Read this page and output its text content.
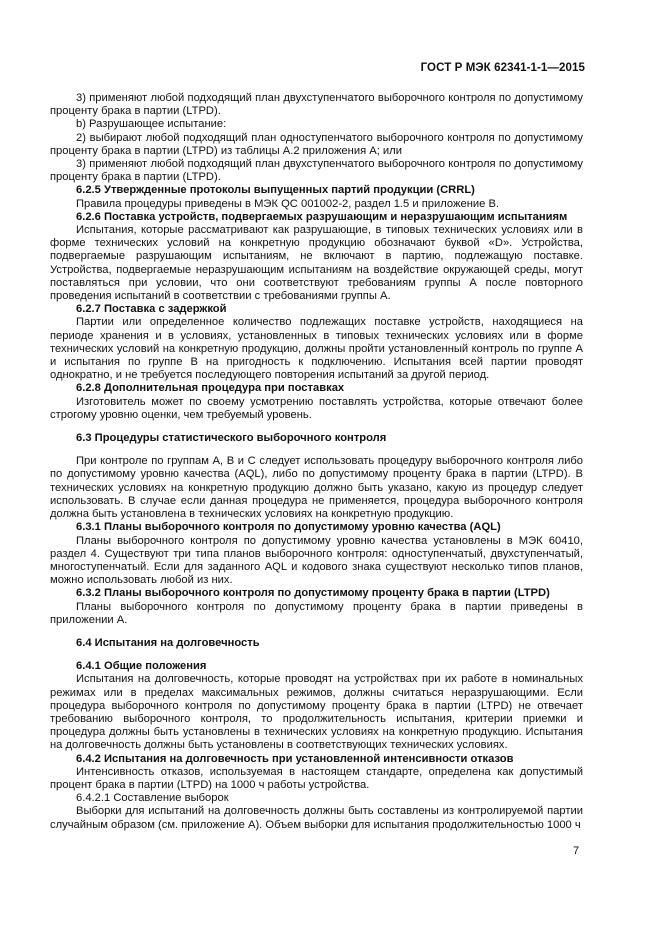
ГОСТ Р МЭК 62341-1-1—2015

3) применяют любой подходящий план двухступенчатого выборочного контроля по допустимому проценту брака в партии (LTPD).

b) Разрушающее испытание:

2) выбирают любой подходящий план одноступенчатого выборочного контроля по допустимому проценту брака в партии (LTPD) из таблицы А.2 приложения А; или

3) применяют любой подходящий план двухступенчатого выборочного контроля по допустимому проценту брака в партии (LTPD).

6.2.5 Утвержденные протоколы выпущенных партий продукции (CRRL)

Правила процедуры приведены в МЭК QC 001002-2, раздел 1.5 и приложение В.

6.2.6 Поставка устройств, подвергаемых разрушающим и неразрушающим испытаниям

Испытания, которые рассматривают как разрушающие, в типовых технических условиях или в форме технических условий на конкретную продукцию обозначают буквой «D». Устройства, подвергаемые разрушающим испытаниям, не включают в партию, подлежащую поставке. Устройства, подвергаемые неразрушающим испытаниям на воздействие окружающей среды, могут поставляться при условии, что они соответствуют требованиям группы А после повторного проведения испытаний в соответствии с требованиями группы А.

6.2.7 Поставка с задержкой

Партии или определенное количество подлежащих поставке устройств, находящиеся на периоде хранения и в условиях, установленных в типовых технических условиях или в форме технических условий на конкретную продукцию, должны пройти установленный контроль по группе А и испытания по группе В на пригодность к подключению. Испытания всей партии проводят однократно, и не требуется последующего повторения испытаний за другой период.

6.2.8 Дополнительная процедура при поставках

Изготовитель может по своему усмотрению поставлять устройства, которые отвечают более строгому уровню оценки, чем требуемый уровень.

6.3 Процедуры статистического выборочного контроля

При контроле по группам А, В и С следует использовать процедуру выборочного контроля либо по допустимому уровню качества (AQL), либо по допустимому проценту брака в партии (LTPD). В технических условиях на конкретную продукцию должно быть указано, какую из процедур следует использовать. В случае если данная процедура не применяется, процедура выборочного контроля должна быть установлена в технических условиях на конкретную продукцию.

6.3.1 Планы выборочного контроля по допустимому уровню качества (AQL)

Планы выборочного контроля по допустимому уровню качества установлены в МЭК 60410, раздел 4. Существуют три типа планов выборочного контроля: одноступенчатый, двухступенчатый, многоступенчатый. Если для заданного AQL и кодового знака существуют несколько типов планов, можно использовать любой из них.

6.3.2 Планы выборочного контроля по допустимому проценту брака в партии (LTPD)

Планы выборочного контроля по допустимому проценту брака в партии приведены в приложении А.

6.4 Испытания на долговечность

6.4.1 Общие положения

Испытания на долговечность, которые проводят на устройствах при их работе в номинальных режимах или в пределах максимальных режимов, должны считаться неразрушающими. Если процедура выборочного контроля по допустимому проценту брака в партии (LTPD) не отвечает требованию выборочного контроля, то продолжительность испытания, критерии приемки и процедура должны быть установлены в технических условиях на конкретную продукцию. Испытания на долговечность должны быть установлены в соответствующих технических условиях.

6.4.2 Испытания на долговечность при установленной интенсивности отказов

Интенсивность отказов, используемая в настоящем стандарте, определена как допустимый процент брака в партии (LTPD) на 1000 ч работы устройства.

6.4.2.1 Составление выборок

Выборки для испытаний на долговечность должны быть составлены из контролируемой партии случайным образом (см. приложение А). Объем выборки для испытания продолжительностью 1000 ч

7
